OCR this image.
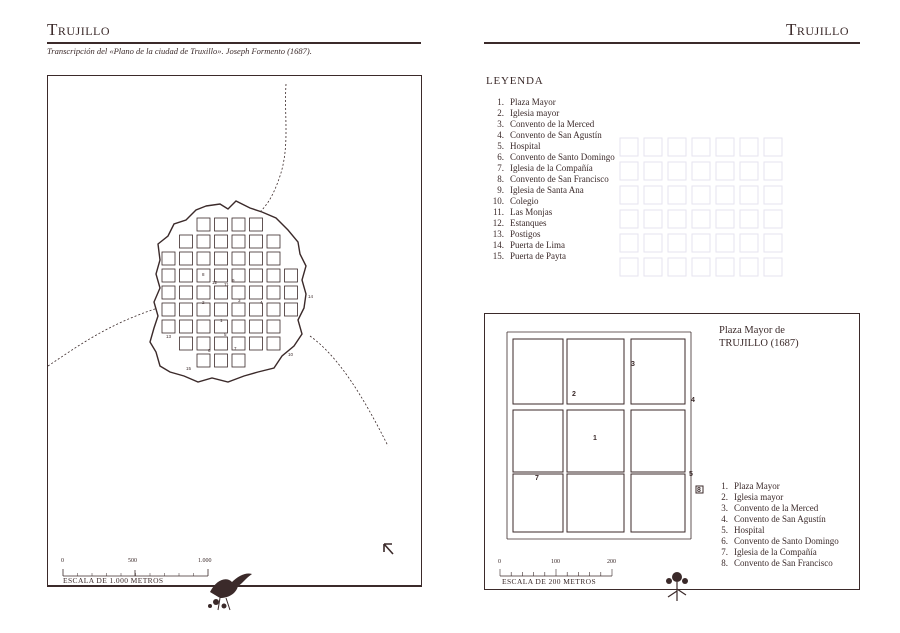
Trujillo
Transcripción del «Plano de la ciudad de Truxillo». Joseph Formento (1687).
1
2	3	4
5
6	7
8
9
10
11
12
13
14
15
0	500	1.000
ESCALA DE 1.000 METROS
Trujillo
LEYENDA
1. Plaza Mayor
2. Iglesia mayor
3. Convento de la Merced
4. Convento de San Agustín
5. Hospital
6. Convento de Santo Domingo
7. Iglesia de la Compañía
8. Convento de San Francisco
9. Iglesia de Santa Ana
10. Colegio
11. Las Monjas
12. Estanques
13. Postigos
14. Puerta de Lima
15. Puerta de Payta
1
2
3
4
5
7
8
Plaza Mayor de
TRUJILLO (1687)
0	100	200
ESCALA DE 200 METROS
1. Plaza Mayor
2. Iglesia mayor
3. Convento de la Merced
4. Convento de San Agustín
5. Hospital
6. Convento de Santo Domingo
7. Iglesia de la Compañía
8. Convento de San Francisco
